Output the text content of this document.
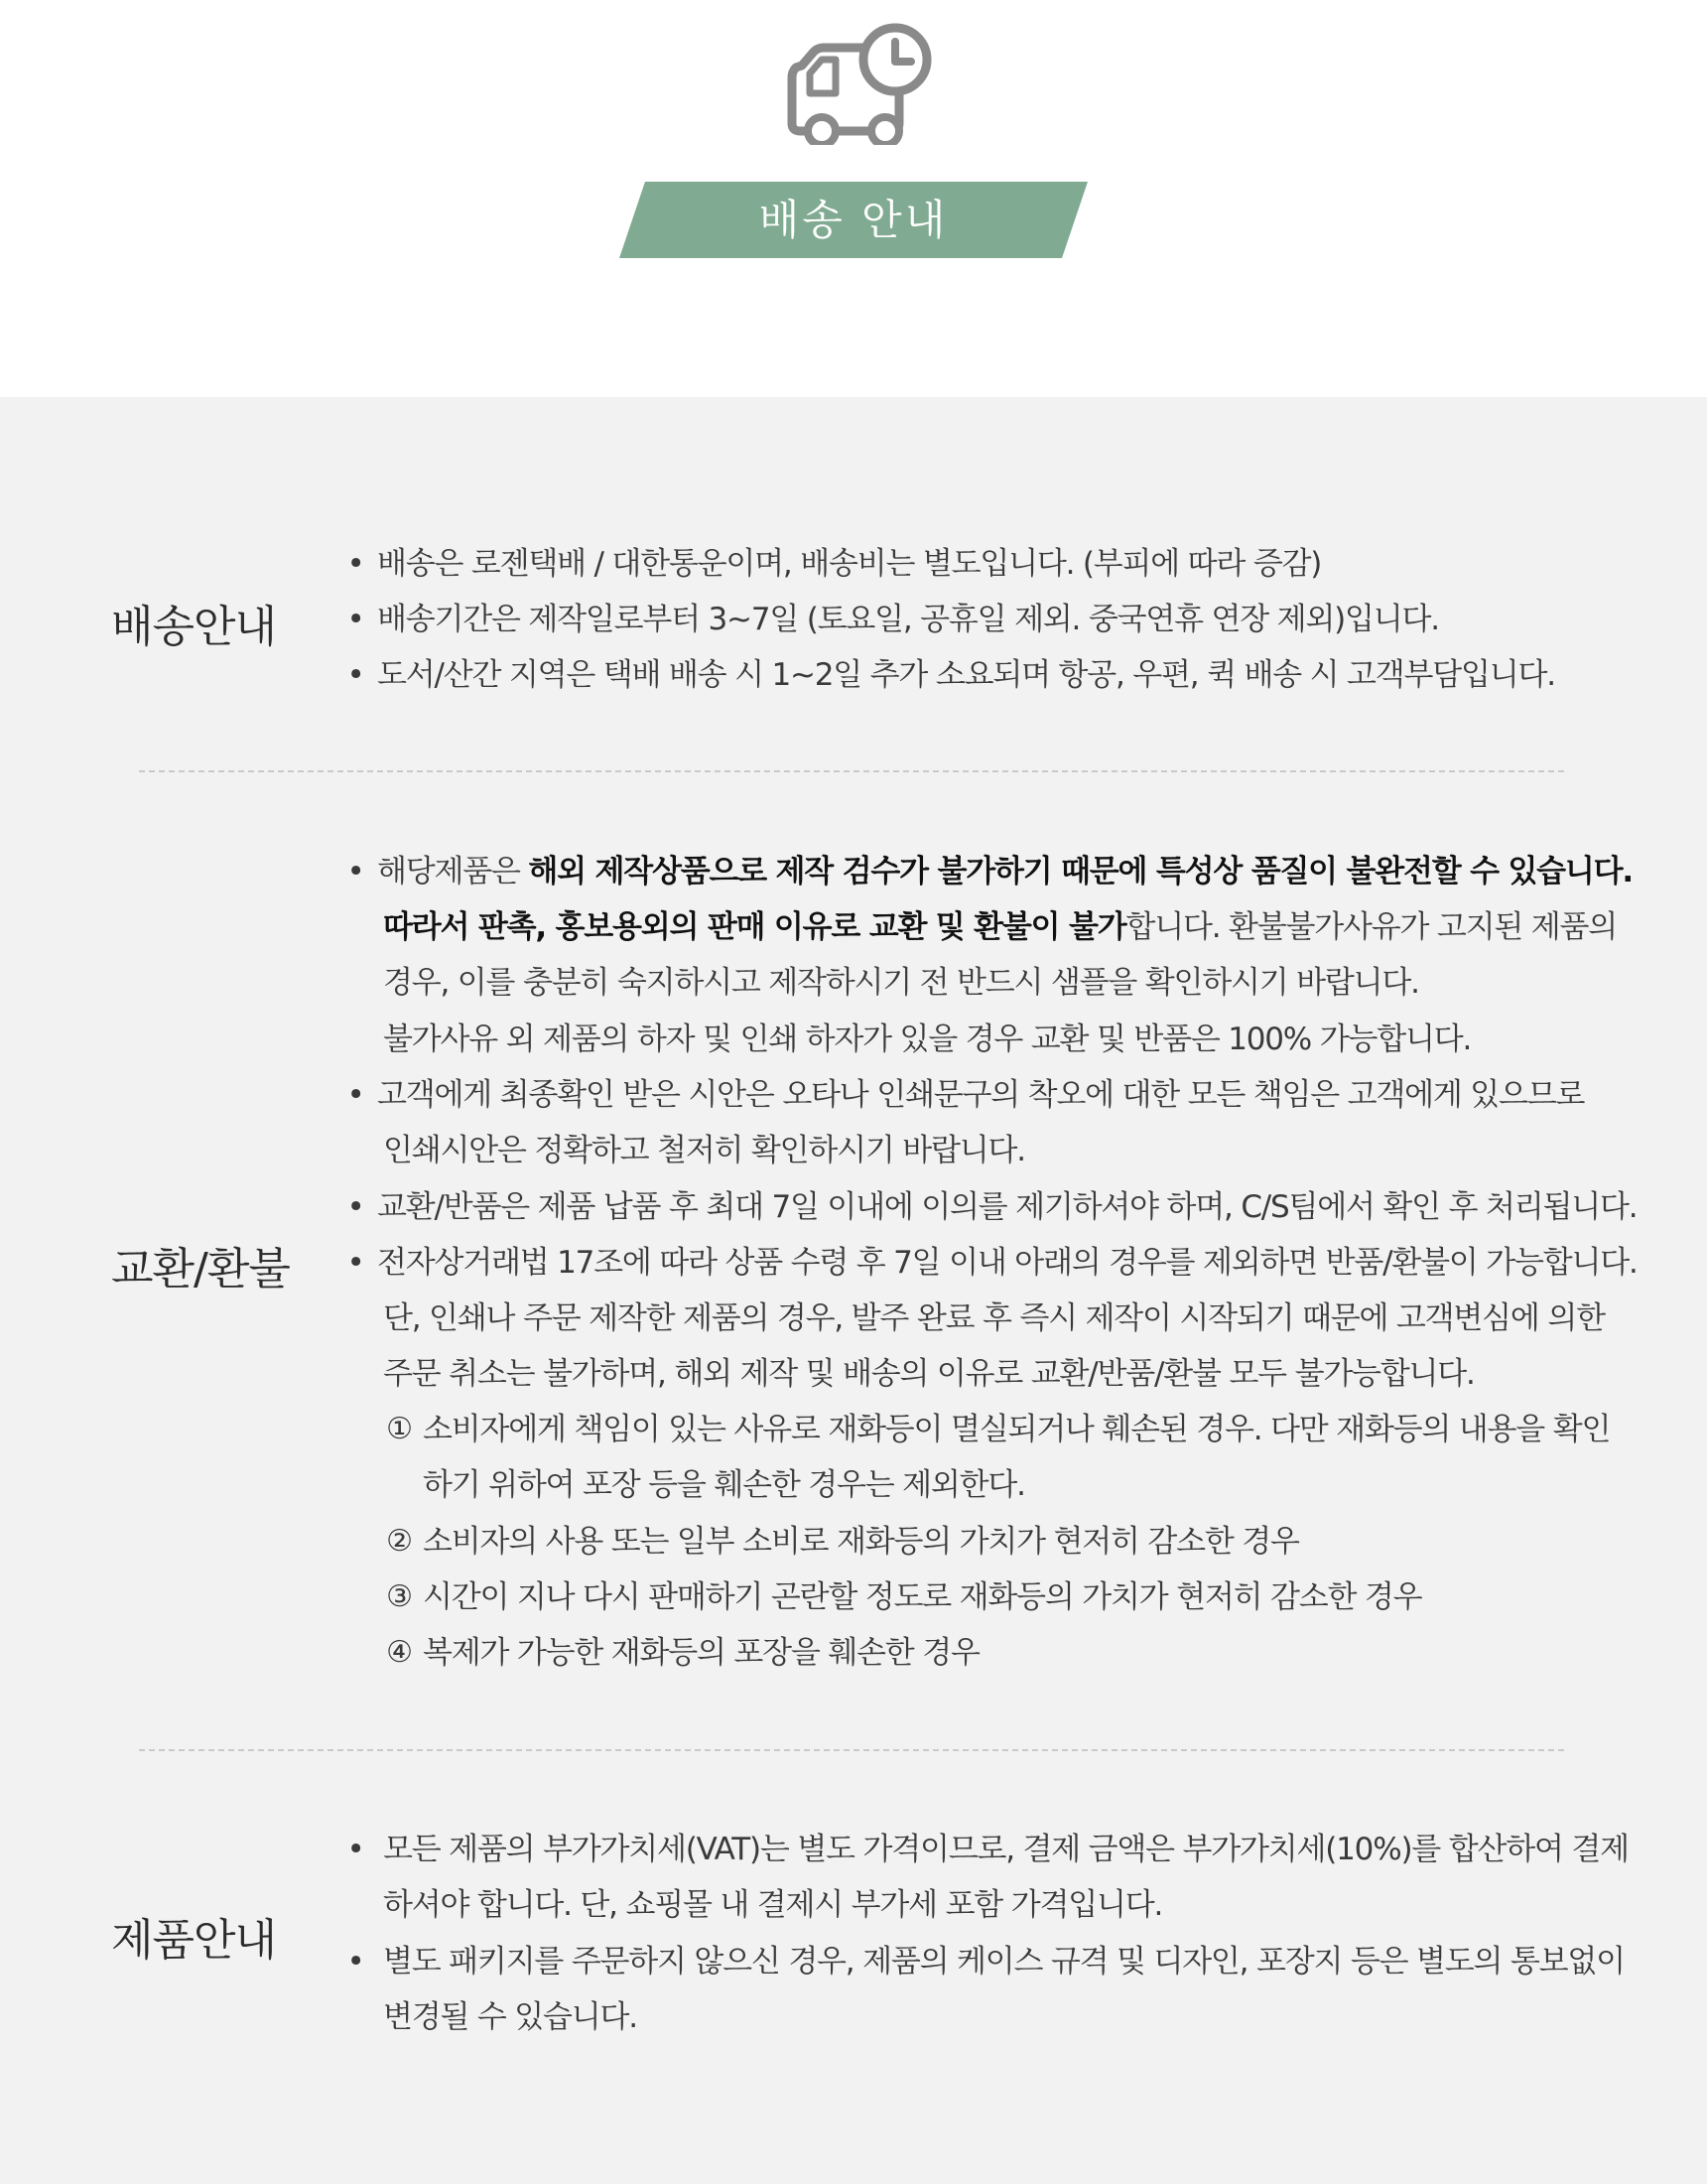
배송 안내
배송안내
• 배송은 로젠택배 / 대한통운이며, 배송비는 별도입니다. (부피에 따라 증감)
• 배송기간은 제작일로부터 3~7일 (토요일, 공휴일 제외. 중국연휴 연장 제외)입니다.
• 도서/산간 지역은 택배 배송 시 1~2일 추가 소요되며 항공, 우편, 퀵 배송 시 고객부담입니다.
교환/환불
• 해당제품은 해외 제작상품으로 제작 검수가 불가하기 때문에 특성상 품질이 불완전할 수 있습니다.
따라서 판촉, 홍보용외의 판매 이유로 교환 및 환불이 불가합니다. 환불불가사유가 고지된 제품의
경우, 이를 충분히 숙지하시고 제작하시기 전 반드시 샘플을 확인하시기 바랍니다.
불가사유 외 제품의 하자 및 인쇄 하자가 있을 경우 교환 및 반품은 100% 가능합니다.
• 고객에게 최종확인 받은 시안은 오타나 인쇄문구의 착오에 대한 모든 책임은 고객에게 있으므로
인쇄시안은 정확하고 철저히 확인하시기 바랍니다.
• 교환/반품은 제품 납품 후 최대 7일 이내에 이의를 제기하셔야 하며, C/S팀에서 확인 후 처리됩니다.
• 전자상거래법 17조에 따라 상품 수령 후 7일 이내 아래의 경우를 제외하면 반품/환불이 가능합니다.
단, 인쇄나 주문 제작한 제품의 경우, 발주 완료 후 즉시 제작이 시작되기 때문에 고객변심에 의한
주문 취소는 불가하며, 해외 제작 및 배송의 이유로 교환/반품/환불 모두 불가능합니다.
① 소비자에게 책임이 있는 사유로 재화등이 멸실되거나 훼손된 경우. 다만 재화등의 내용을 확인
하기 위하여 포장 등을 훼손한 경우는 제외한다.
② 소비자의 사용 또는 일부 소비로 재화등의 가치가 현저히 감소한 경우
③ 시간이 지나 다시 판매하기 곤란할 정도로 재화등의 가치가 현저히 감소한 경우
④ 복제가 가능한 재화등의 포장을 훼손한 경우
제품안내
• 모든 제품의 부가가치세(VAT)는 별도 가격이므로, 결제 금액은 부가가치세(10%)를 합산하여 결제
하셔야 합니다. 단, 쇼핑몰 내 결제시 부가세 포함 가격입니다.
• 별도 패키지를 주문하지 않으신 경우, 제품의 케이스 규격 및 디자인, 포장지 등은 별도의 통보없이
변경될 수 있습니다.
